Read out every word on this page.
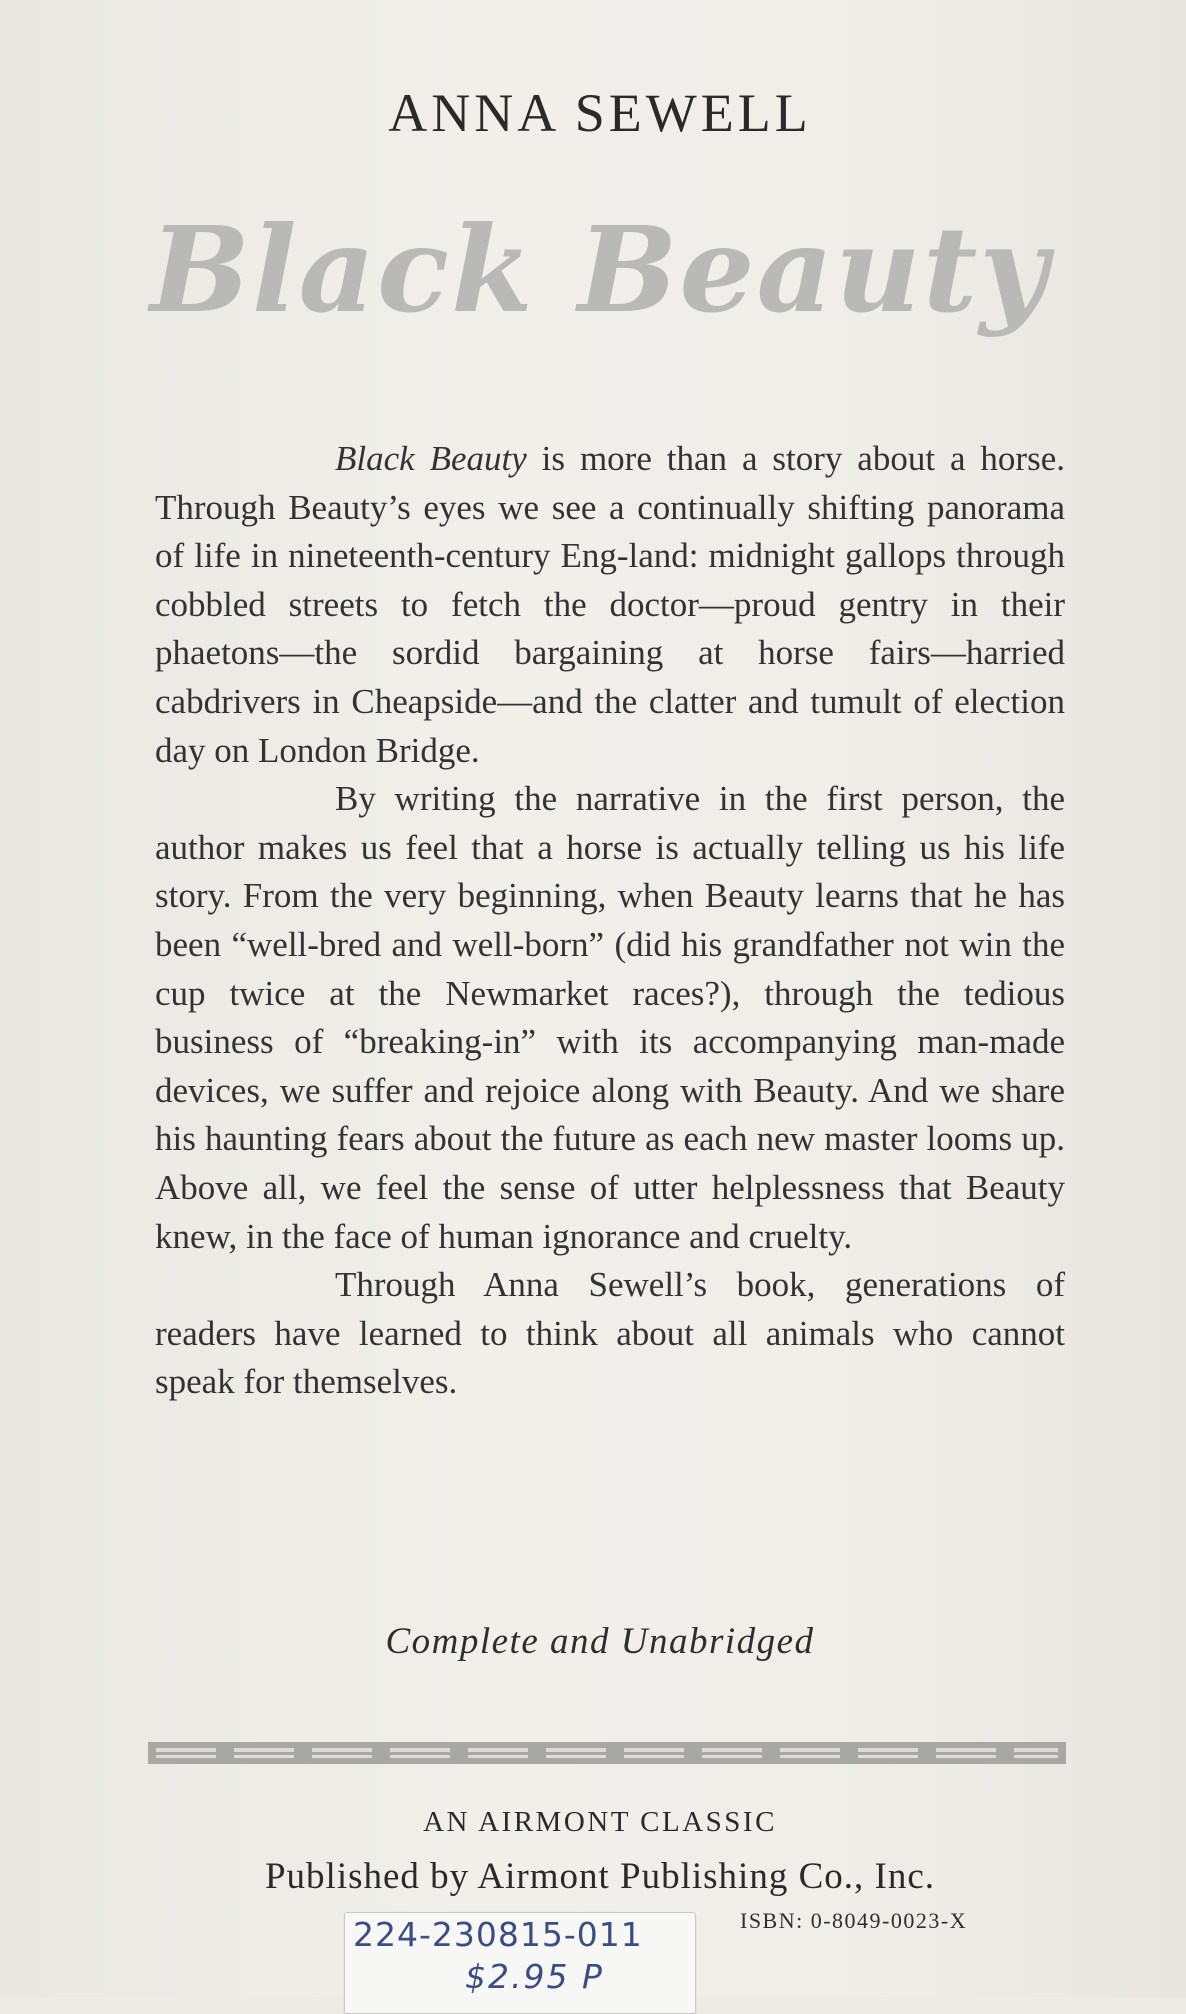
ANNA SEWELL
Black Beauty

Black Beauty is more than a story about a horse. Through Beauty’s eyes we see a continually shifting panorama of life in nineteenth-century Eng-land: midnight gallops through cobbled streets to fetch the doctor—proud gentry in their phaetons—the sordid bargaining at horse fairs—harried cabdrivers in Cheapside—and the clatter and tumult of election day on London Bridge.

By writing the narrative in the first person, the author makes us feel that a horse is actually telling us his life story. From the very beginning, when Beauty learns that he has been “well-bred and well-born” (did his grandfather not win the cup twice at the Newmarket races?), through the tedious business of “breaking-in” with its accompanying man-made devices, we suffer and rejoice along with Beauty. And we share his haunting fears about the future as each new master looms up. Above all, we feel the sense of utter helplessness that Beauty knew, in the face of human ignorance and cruelty.

Through Anna Sewell’s book, generations of readers have learned to think about all animals who cannot speak for themselves.

Complete and Unabridged
AN AIRMONT CLASSIC
Published by Airmont Publishing Co., Inc.
224-230815-011
$2.95 P
ISBN: 0-8049-0023-X
